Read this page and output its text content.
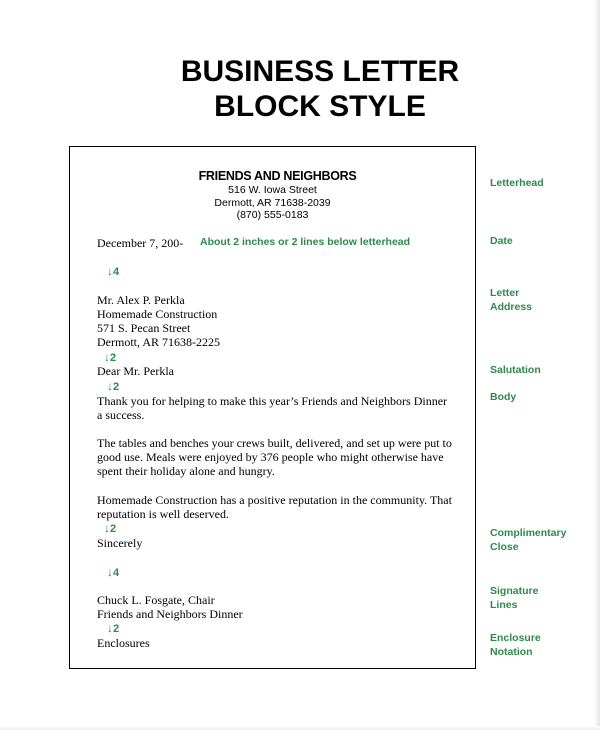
BUSINESS LETTER
BLOCK STYLE
FRIENDS AND NEIGHBORS
516 W. Iowa Street
Dermott, AR 71638-2039
(870) 555-0183
December 7, 200- About 2 inches or 2 lines below letterhead
↓4
Mr. Alex P. Perkla
Homemade Construction
571 S. Pecan Street
Dermott, AR 71638-2225
↓2
Dear Mr. Perkla
↓2
Thank you for helping to make this year’s Friends and Neighbors Dinner
a success.
The tables and benches your crews built, delivered, and set up were put to
good use. Meals were enjoyed by 376 people who might otherwise have
spent their holiday alone and hungry.
Homemade Construction has a positive reputation in the community. That
reputation is well deserved.
↓2
Sincerely
↓4
Chuck L. Fosgate, Chair
Friends and Neighbors Dinner
↓2
Enclosures
Letterhead
Date
Letter
Address
Salutation
Body
Complimentary
Close
Signature
Lines
Enclosure
Notation
